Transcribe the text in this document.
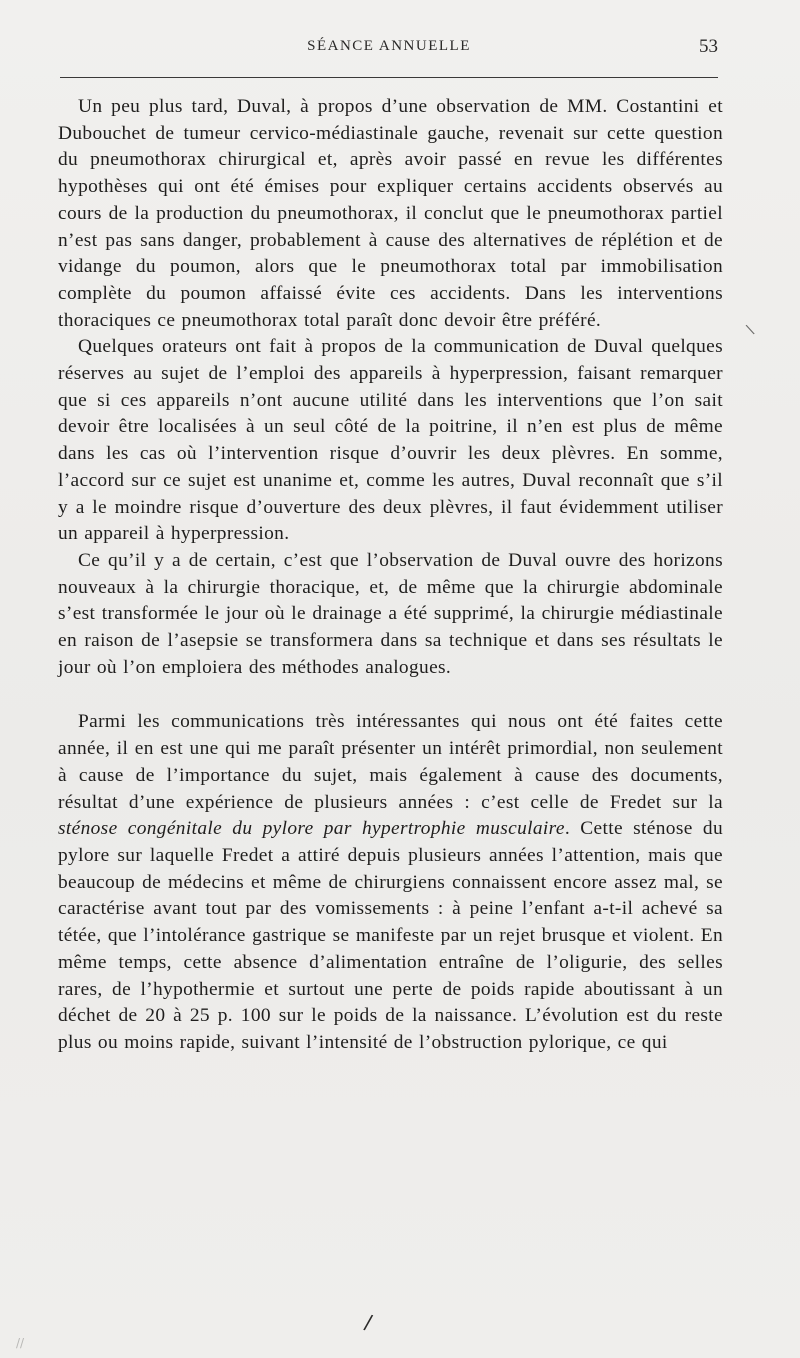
SÉANCE ANNUELLE	53

Un peu plus tard, Duval, à propos d’une observation de MM. Costantini et Dubouchet de tumeur cervico-médiastinale gauche, revenait sur cette question du pneumothorax chirurgical et, après avoir passé en revue les différentes hypothèses qui ont été émises pour expliquer certains accidents observés au cours de la production du pneumothorax, il conclut que le pneumothorax partiel n’est pas sans danger, probablement à cause des alternatives de réplétion et de vidange du poumon, alors que le pneumothorax total par immobilisation complète du poumon affaissé évite ces accidents. Dans les interventions thoraciques ce pneumothorax total paraît donc devoir être préféré.

Quelques orateurs ont fait à propos de la communication de Duval quelques réserves au sujet de l’emploi des appareils à hyperpression, faisant remarquer que si ces appareils n’ont aucune utilité dans les interventions que l’on sait devoir être localisées à un seul côté de la poitrine, il n’en est plus de même dans les cas où l’intervention risque d’ouvrir les deux plèvres. En somme, l’accord sur ce sujet est unanime et, comme les autres, Duval reconnaît que s’il y a le moindre risque d’ouverture des deux plèvres, il faut évidemment utiliser un appareil à hyperpression.

Ce qu’il y a de certain, c’est que l’observation de Duval ouvre des horizons nouveaux à la chirurgie thoracique, et, de même que la chirurgie abdominale s’est transformée le jour où le drainage a été supprimé, la chirurgie médiastinale en raison de l’asepsie se transformera dans sa technique et dans ses résultats le jour où l’on emploiera des méthodes analogues.

Parmi les communications très intéressantes qui nous ont été faites cette année, il en est une qui me paraît présenter un intérêt primordial, non seulement à cause de l’importance du sujet, mais également à cause des documents, résultat d’une expérience de plusieurs années : c’est celle de Fredet sur la sténose congénitale du pylore par hypertrophie musculaire. Cette sténose du pylore sur laquelle Fredet a attiré depuis plusieurs années l’attention, mais que beaucoup de médecins et même de chirurgiens connaissent encore assez mal, se caractérise avant tout par des vomissements : à peine l’enfant a-t-il achevé sa tétée, que l’intolérance gastrique se manifeste par un rejet brusque et violent. En même temps, cette absence d’alimentation entraîne de l’oligurie, des selles rares, de l’hypothermie et surtout une perte de poids rapide aboutissant à un déchet de 20 à 25 p. 100 sur le poids de la naissance. L’évolution est du reste plus ou moins rapide, suivant l’intensité de l’obstruction pylorique, ce qui

\
/
//
